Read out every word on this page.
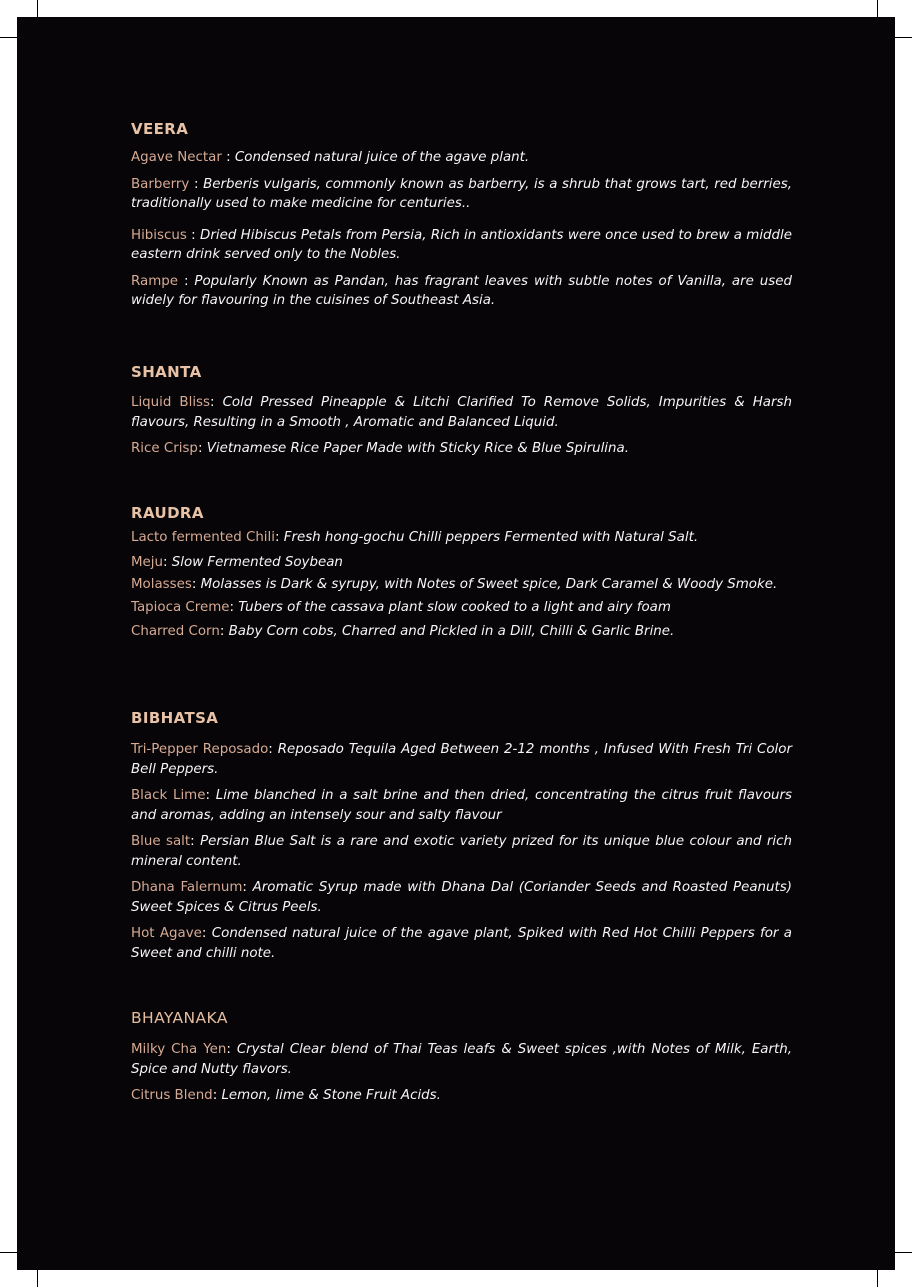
VEERA
Agave Nectar : Condensed natural juice of the agave plant.
Barberry : Berberis vulgaris, commonly known as barberry, is a shrub that grows tart, red berries, traditionally used to make medicine for centuries..
Hibiscus : Dried Hibiscus Petals from Persia, Rich in antioxidants were once used to brew a middle eastern drink served only to the Nobles.
Rampe : Popularly Known as Pandan, has fragrant leaves with subtle notes of Vanilla, are used widely for flavouring in the cuisines of Southeast Asia.
SHANTA
Liquid Bliss: Cold Pressed Pineapple & Litchi Clarified To Remove Solids, Impurities & Harsh flavours, Resulting in a Smooth , Aromatic and Balanced Liquid.
Rice Crisp: Vietnamese Rice Paper Made with Sticky Rice & Blue Spirulina.
RAUDRA
Lacto fermented Chili: Fresh hong-gochu Chilli peppers Fermented with Natural Salt.
Meju: Slow Fermented Soybean
Molasses: Molasses is Dark & syrupy, with Notes of Sweet spice, Dark Caramel & Woody Smoke.
Tapioca Creme: Tubers of the cassava plant slow cooked to a light and airy foam
Charred Corn: Baby Corn cobs, Charred and Pickled in a Dill, Chilli & Garlic Brine.
BIBHATSA
Tri-Pepper Reposado: Reposado Tequila Aged Between 2-12 months , Infused With Fresh Tri Color Bell Peppers.
Black Lime: Lime blanched in a salt brine and then dried, concentrating the citrus fruit flavours and aromas, adding an intensely sour and salty flavour
Blue salt: Persian Blue Salt is a rare and exotic variety prized for its unique blue colour and rich mineral content.
Dhana Falernum: Aromatic Syrup made with Dhana Dal (Coriander Seeds and Roasted Peanuts) Sweet Spices & Citrus Peels.
Hot Agave: Condensed natural juice of the agave plant, Spiked with Red Hot Chilli Peppers for a Sweet and chilli note.
BHAYANAKA
Milky Cha Yen: Crystal Clear blend of Thai Teas leafs & Sweet spices ,with Notes of Milk, Earth, Spice and Nutty flavors.
Citrus Blend: Lemon, lime & Stone Fruit Acids.
